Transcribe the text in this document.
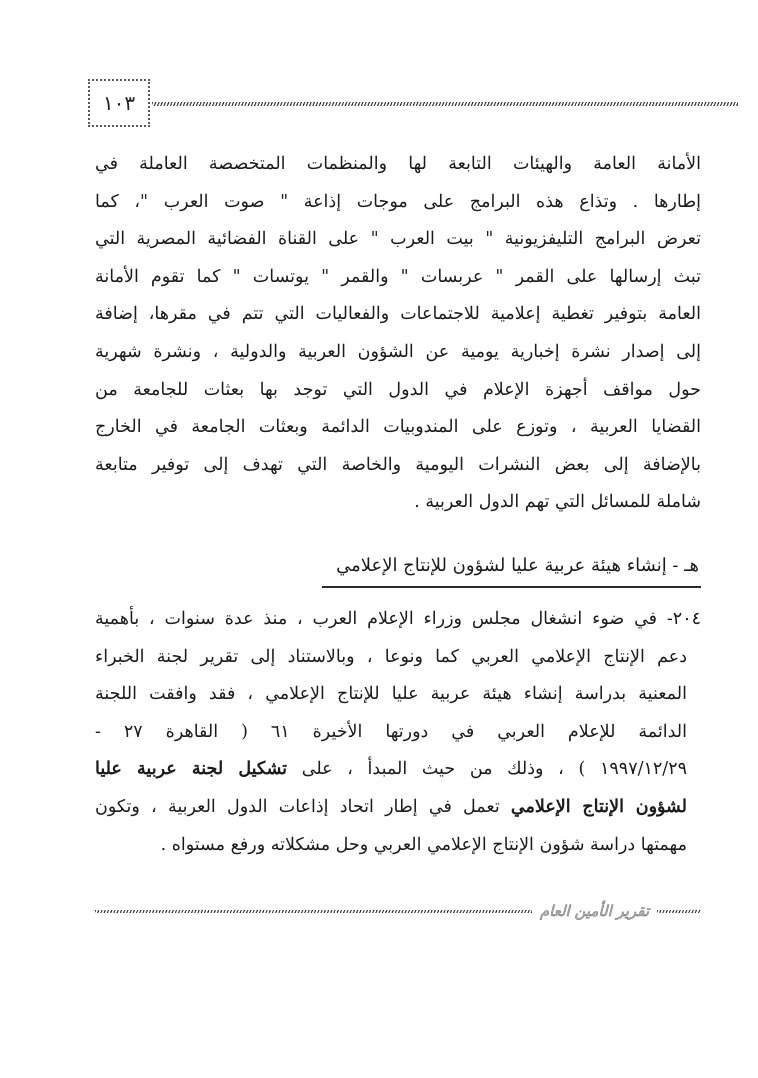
١٠٣
الأمانة العامة والهيئات التابعة لها والمنظمات المتخصصة العاملة في
إطارها . وتذاع هذه البرامج على موجات إذاعة " صوت العرب "، كما
تعرض البرامج التليفزيونية " بيت العرب " على القناة الفضائية المصرية التي
تبث إرسالها على القمر " عربسات " والقمر " يوتسات " كما تقوم الأمانة
العامة بتوفير تغطية إعلامية للاجتماعات والفعاليات التي تتم في مقرها، إضافة
إلى إصدار نشرة إخبارية يومية عن الشؤون العربية والدولية ، ونشرة شهرية
حول مواقف أجهزة الإعلام في الدول التي توجد بها بعثات للجامعة من
القضايا العربية ، وتوزع على المندوبيات الدائمة وبعثات الجامعة في الخارج
بالإضافة إلى بعض النشرات اليومية والخاصة التي تهدف إلى توفير متابعة
شاملة للمسائل التي تهم الدول العربية .
هـ - إنشاء هيئة عربية عليا لشؤون للإنتاج الإعلامي
٢٠٤- في ضوء انشغال مجلس وزراء الإعلام العرب ، منذ عدة سنوات ، بأهمية
دعم الإنتاج الإعلامي العربي كما ونوعا ، وبالاستناد إلى تقرير لجنة الخبراء
المعنية بدراسة إنشاء هيئة عربية عليا للإنتاج الإعلامي ، فقد وافقت اللجنة
الدائمة للإعلام العربي في دورتها الأخيرة ٦١ ( القاهرة ٢٧ -
١٩٩٧/١٢/٢٩ ) ، وذلك من حيث المبدأ ، على تشكيل لجنة عربية عليا
لشؤون الإنتاج الإعلامي تعمل في إطار اتحاد إذاعات الدول العربية ، وتكون
مهمتها دراسة شؤون الإنتاج الإعلامي العربي وحل مشكلاته ورفع مستواه .
تقرير الأمين العام
